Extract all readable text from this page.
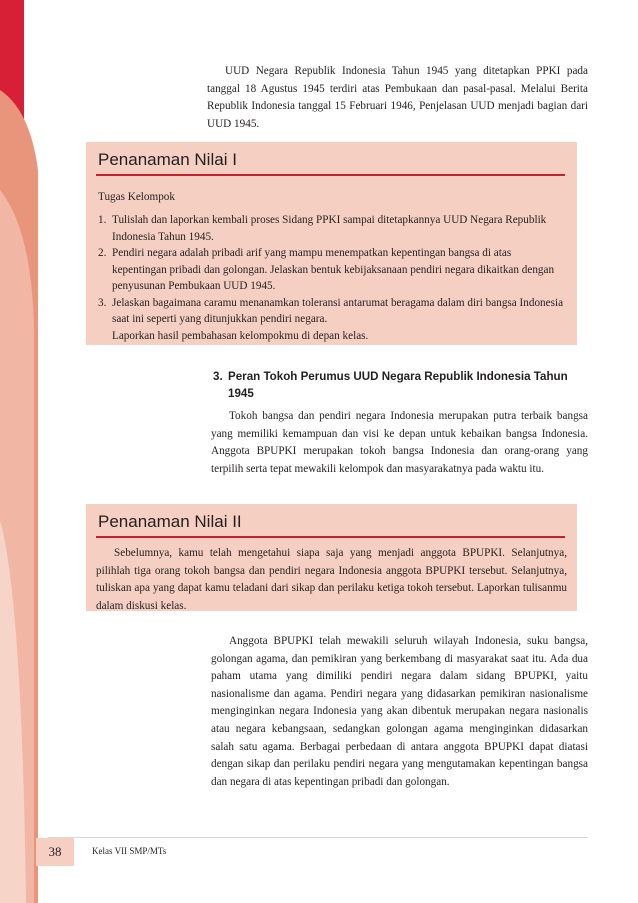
UUD Negara Republik Indonesia Tahun 1945 yang ditetapkan PPKI pada tanggal 18 Agustus 1945 terdiri atas Pembukaan dan pasal-pasal. Melalui Berita Republik Indonesia tanggal 15 Februari 1946, Penjelasan UUD menjadi bagian dari UUD 1945.

Penanaman Nilai I

Tugas Kelompok

1. Tulislah dan laporkan kembali proses Sidang PPKI sampai ditetapkannya UUD Negara Republik Indonesia Tahun 1945.
2. Pendiri negara adalah pribadi arif yang mampu menempatkan kepentingan bangsa di atas kepentingan pribadi dan golongan. Jelaskan bentuk kebijaksanaan pendiri negara dikaitkan dengan penyusunan Pembukaan UUD 1945.
3. Jelaskan bagaimana caramu menanamkan toleransi antarumat beragama dalam diri bangsa Indonesia saat ini seperti yang ditunjukkan pendiri negara.
Laporkan hasil pembahasan kelompokmu di depan kelas.
3. Peran Tokoh Perumus UUD Negara Republik Indonesia Tahun 1945

Tokoh bangsa dan pendiri negara Indonesia merupakan putra terbaik bangsa yang memiliki kemampuan dan visi ke depan untuk kebaikan bangsa Indonesia. Anggota BPUPKI merupakan tokoh bangsa Indonesia dan orang-orang yang terpilih serta tepat mewakili kelompok dan masyarakatnya pada waktu itu.

Penanaman Nilai II

Sebelumnya, kamu telah mengetahui siapa saja yang menjadi anggota BPUPKI. Selanjutnya, pilihlah tiga orang tokoh bangsa dan pendiri negara Indonesia anggota BPUPKI tersebut. Selanjutnya, tuliskan apa yang dapat kamu teladani dari sikap dan perilaku ketiga tokoh tersebut. Laporkan tulisanmu dalam diskusi kelas.

Anggota BPUPKI telah mewakili seluruh wilayah Indonesia, suku bangsa, golongan agama, dan pemikiran yang berkembang di masyarakat saat itu. Ada dua paham utama yang dimiliki pendiri negara dalam sidang BPUPKI, yaitu nasionalisme dan agama. Pendiri negara yang didasarkan pemikiran nasionalisme menginginkan negara Indonesia yang akan dibentuk merupakan negara nasionalis atau negara kebangsaan, sedangkan golongan agama menginginkan didasarkan salah satu agama. Berbagai perbedaan di antara anggota BPUPKI dapat diatasi dengan sikap dan perilaku pendiri negara yang mengutamakan kepentingan bangsa dan negara di atas kepentingan pribadi dan golongan.

38	Kelas VII SMP/MTs
